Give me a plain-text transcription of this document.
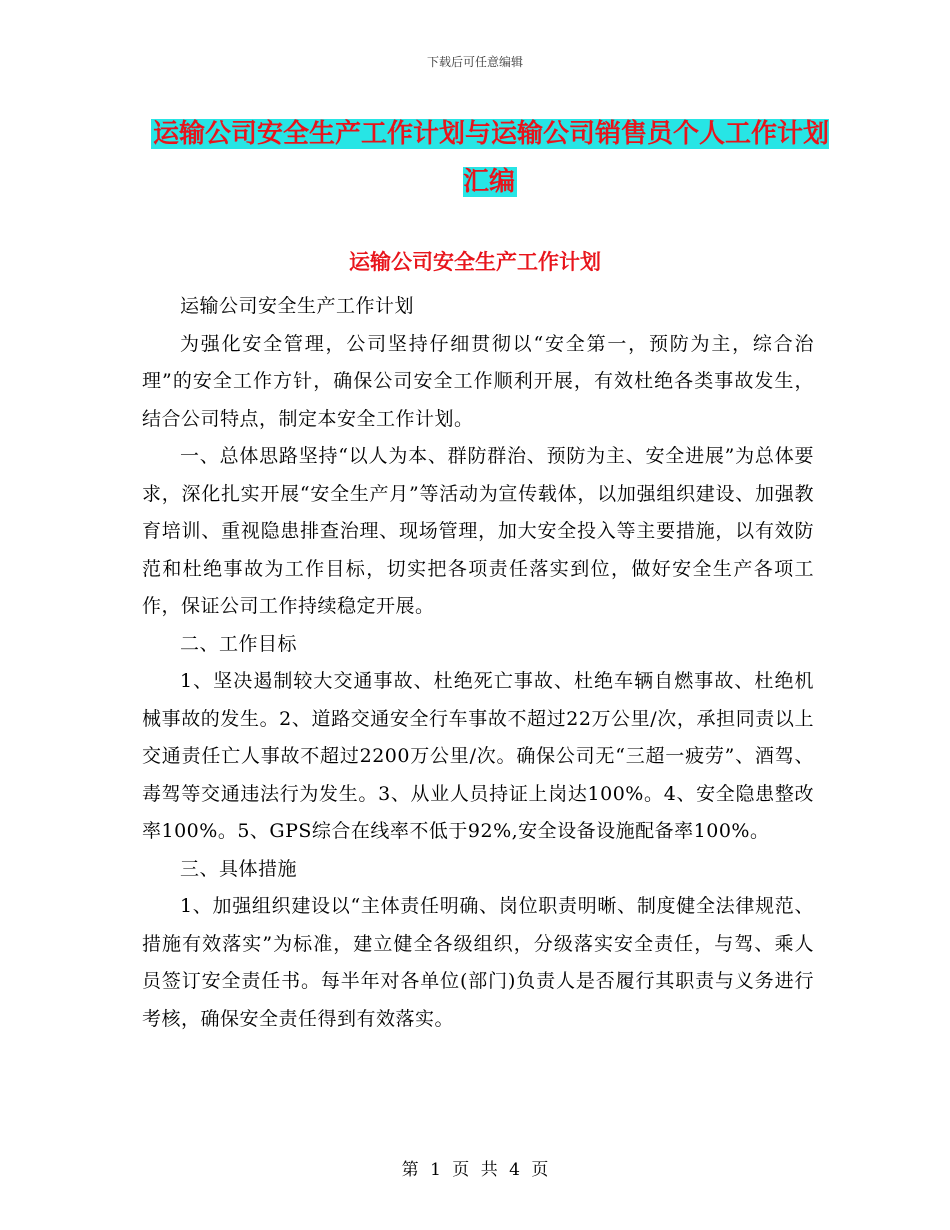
下载后可任意编辑
运输公司安全生产工作计划与运输公司销售员个人工作计划汇编
运输公司安全生产工作计划

运输公司安全生产工作计划

为强化安全管理，公司坚持仔细贯彻以“安全第一，预防为主，综合治理”的安全工作方针，确保公司安全工作顺利开展，有效杜绝各类事故发生，结合公司特点，制定本安全工作计划。

一、总体思路坚持“以人为本、群防群治、预防为主、安全进展”为总体要求，深化扎实开展“安全生产月”等活动为宣传载体，以加强组织建设、加强教育培训、重视隐患排查治理、现场管理，加大安全投入等主要措施，以有效防范和杜绝事故为工作目标，切实把各项责任落实到位，做好安全生产各项工作，保证公司工作持续稳定开展。

二、工作目标

1、坚决遏制较大交通事故、杜绝死亡事故、杜绝车辆自燃事故、杜绝机械事故的发生。2、道路交通安全行车事故不超过22万公里/次，承担同责以上交通责任亡人事故不超过2200万公里/次。确保公司无“三超一疲劳”、酒驾、毒驾等交通违法行为发生。3、从业人员持证上岗达100%。4、安全隐患整改率100%。5、GPS综合在线率不低于92%,安全设备设施配备率100%。

三、具体措施

1、加强组织建设以“主体责任明确、岗位职责明晰、制度健全法律规范、措施有效落实”为标准，建立健全各级组织，分级落实安全责任，与驾、乘人员签订安全责任书。每半年对各单位(部门)负责人是否履行其职责与义务进行考核，确保安全责任得到有效落实。

第 1 页 共 4 页
